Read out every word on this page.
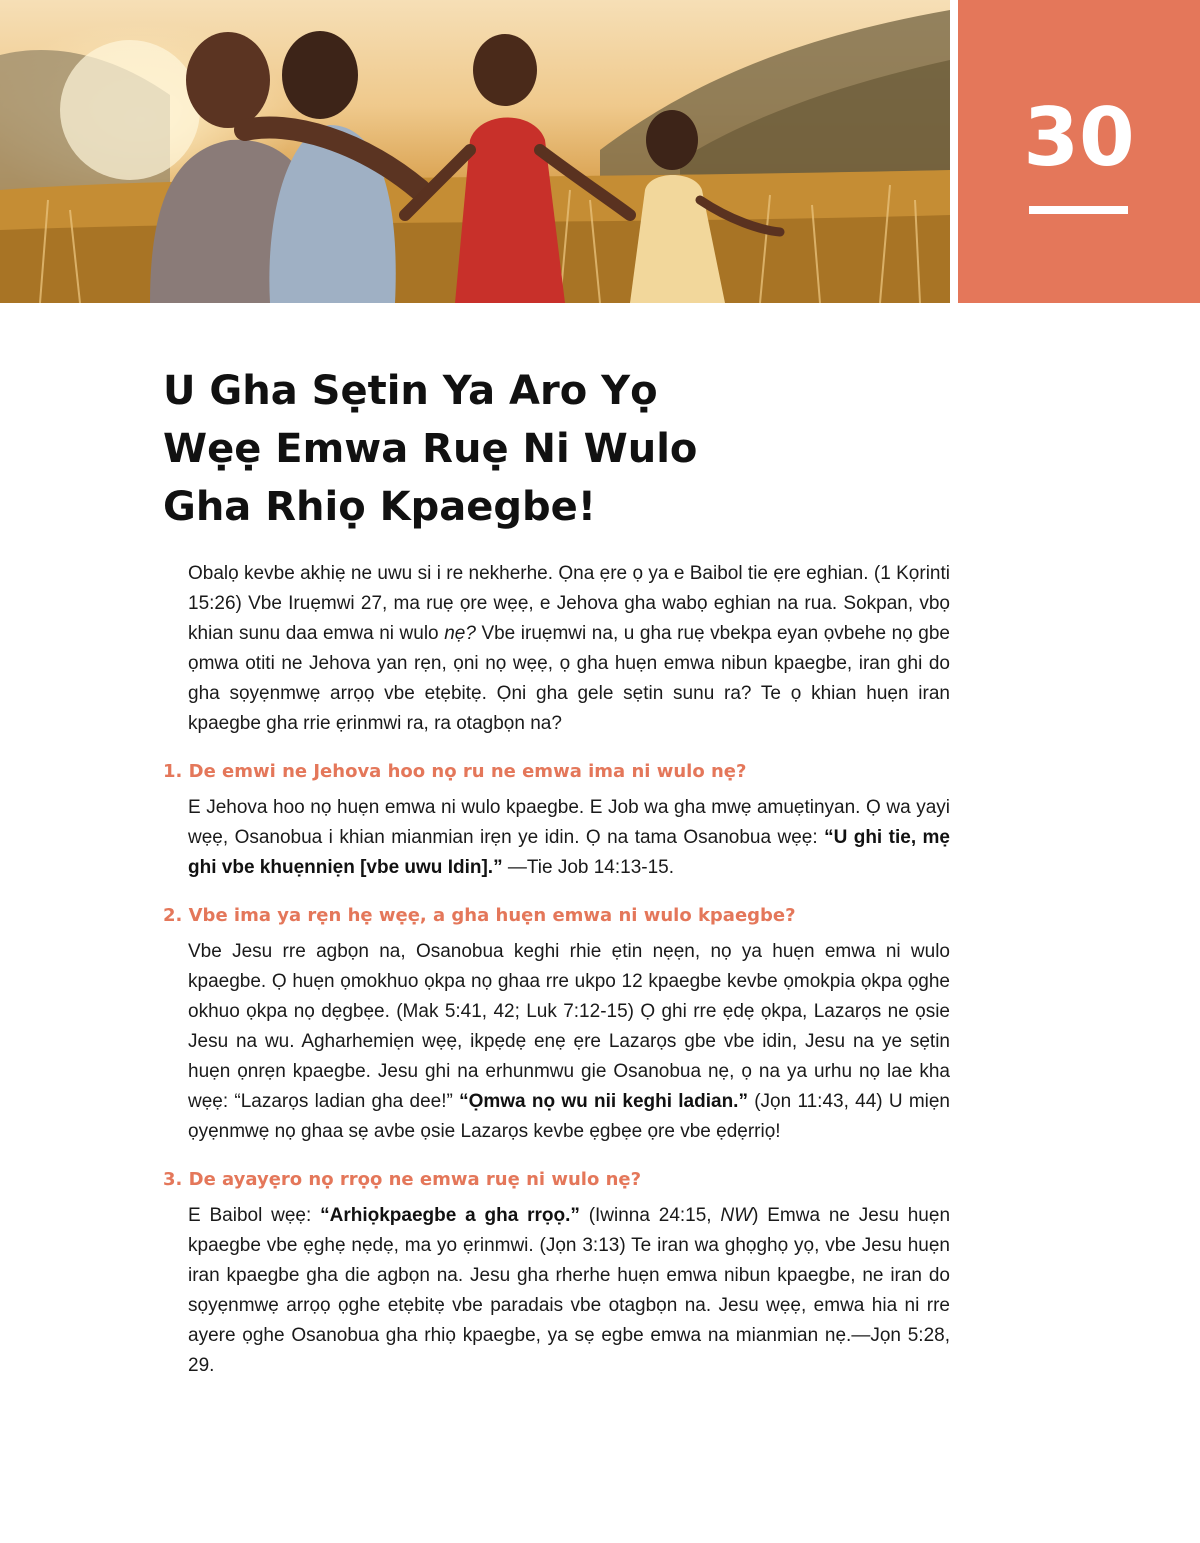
30
U Gha Sẹtin Ya Aro Yọ
Wẹẹ Emwa Ruẹ Ni Wulo
Gha Rhiọ Kpaegbe!

Obalọ kevbe akhiẹ ne uwu si i re nekherhe. Ọna ẹre ọ ya e Baibol tie ẹre eghian. (1 Kọrinti 15:26) Vbe Iruẹmwi 27, ma ruẹ ọre wẹẹ, e Jehova gha wabọ eghian na rua. Sokpan, vbọ khian sunu daa emwa ni wulo nẹ? Vbe iruẹmwi na, u gha ruẹ vbekpa eyan ọvbehe nọ gbe ọmwa otiti ne Jehova yan rẹn, ọni nọ wẹẹ, ọ gha huẹn emwa nibun kpaegbe, iran ghi do gha sọyẹnmwẹ arrọọ vbe etẹbitẹ. Ọni gha gele sẹtin sunu ra? Te ọ khian huẹn iran kpaegbe gha rrie ẹrinmwi ra, ra otagbọn na?

1. De emwi ne Jehova hoo nọ ru ne emwa ima ni wulo nẹ?

E Jehova hoo nọ huẹn emwa ni wulo kpaegbe. E Job wa gha mwẹ amuẹtinyan. Ọ wa yayi wẹẹ, Osanobua i khian mianmian irẹn ye idin. Ọ na tama Osanobua wẹẹ: “U ghi tie, mẹ ghi vbe khuẹnniẹn [vbe uwu Idin].” —Tie Job 14:13-15.

2. Vbe ima ya rẹn hẹ wẹẹ, a gha huẹn emwa ni wulo kpaegbe?

Vbe Jesu rre agbọn na, Osanobua keghi rhie ẹtin nẹẹn, nọ ya huẹn emwa ni wulo kpaegbe. Ọ huẹn ọmokhuo ọkpa nọ ghaa rre ukpo 12 kpaegbe kevbe ọmokpia ọkpa ọghe okhuo ọkpa nọ dẹgbẹe. (Mak 5:41, 42; Luk 7:12-15) Ọ ghi rre ẹdẹ ọkpa, Lazarọs ne ọsie Jesu na wu. Agharhemiẹn wẹẹ, ikpẹdẹ enẹ ẹre Lazarọs gbe vbe idin, Jesu na ye sẹtin huẹn ọnrẹn kpaegbe. Jesu ghi na erhunmwu gie Osanobua nẹ, ọ na ya urhu nọ lae kha wẹẹ: “Lazarọs ladian gha dee!” “Ọmwa nọ wu nii keghi ladian.” (Jọn 11:43, 44) U miẹn ọyẹnmwẹ nọ ghaa sẹ avbe ọsie Lazarọs kevbe ẹgbẹe ọre vbe ẹdẹrriọ!

3. De ayayẹro nọ rrọọ ne emwa ruẹ ni wulo nẹ?

E Baibol wẹẹ: “Arhiọkpaegbe a gha rrọọ.” (Iwinna 24:15, NW) Emwa ne Jesu huẹn kpaegbe vbe ẹghẹ nẹdẹ, ma yo ẹrinmwi. (Jọn 3:13) Te iran wa ghọghọ yọ, vbe Jesu huẹn iran kpaegbe gha die agbọn na. Jesu gha rherhe huẹn emwa nibun kpaegbe, ne iran do sọyẹnmwẹ arrọọ ọghe etẹbitẹ vbe paradais vbe otagbọn na. Jesu wẹẹ, emwa hia ni rre ayere ọghe Osanobua gha rhiọ kpaegbe, ya sẹ egbe emwa na mianmian nẹ.—Jọn 5:28, 29.
